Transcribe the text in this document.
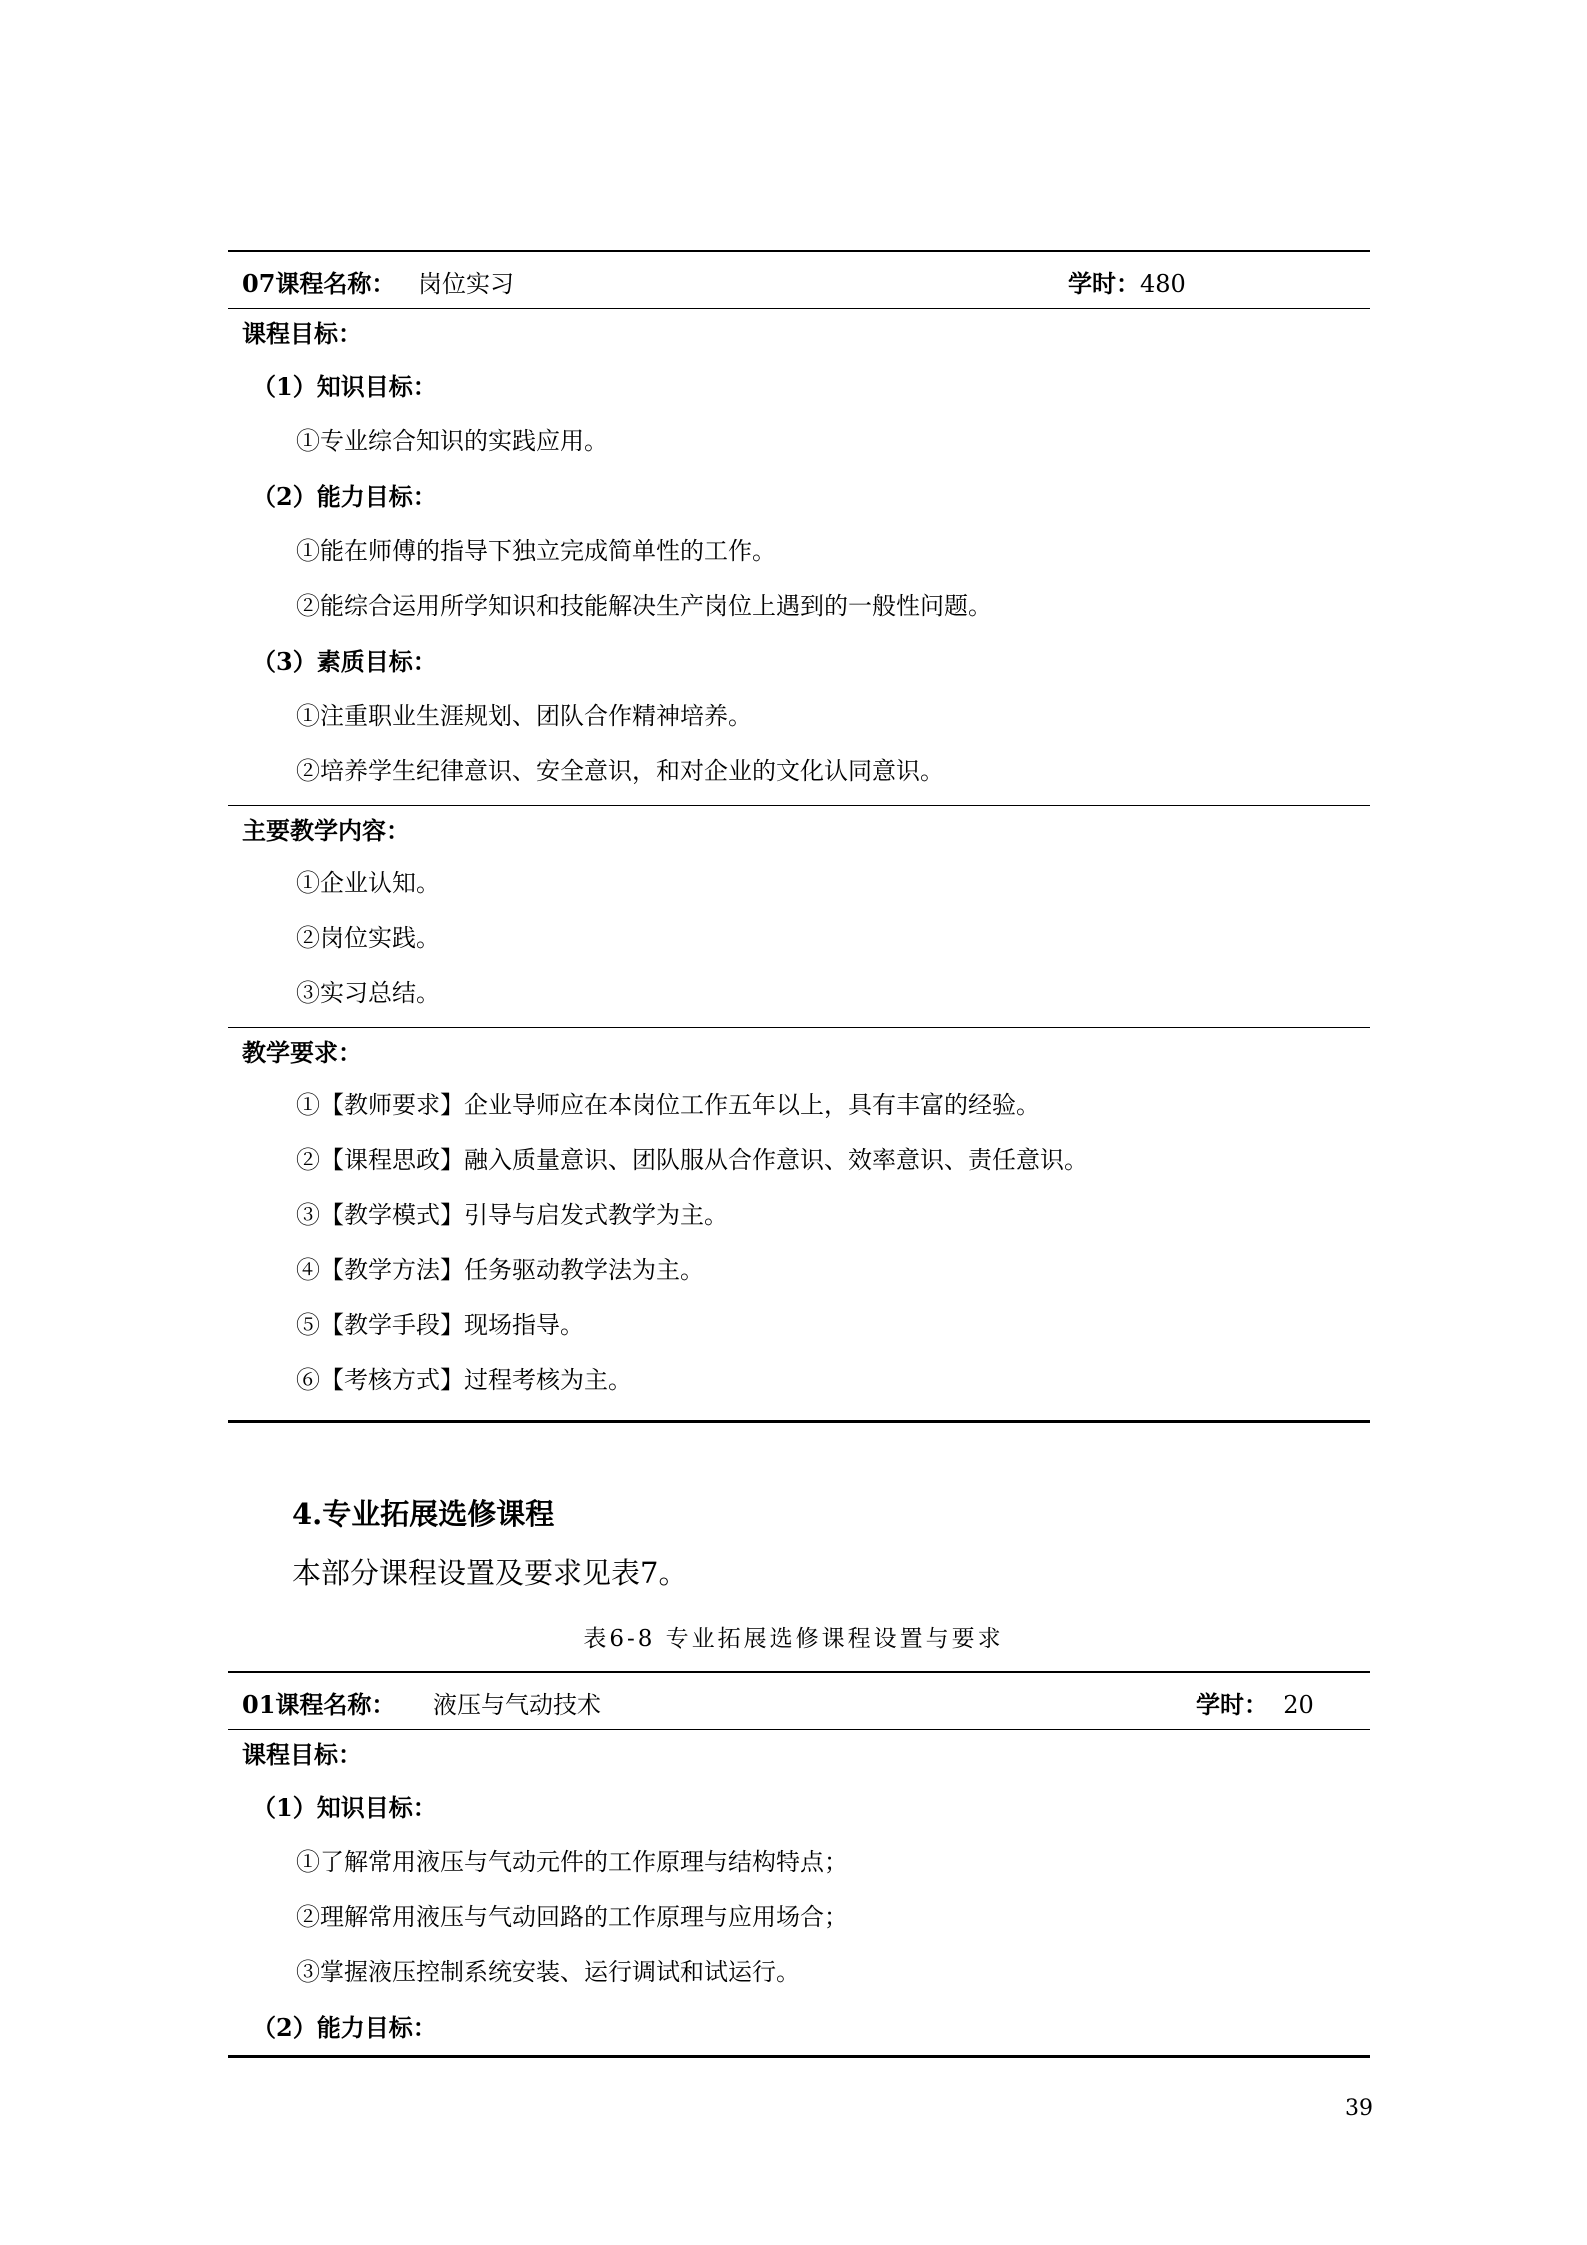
07课程名称： 岗位实习	学时：480
课程目标：
（1）知识目标：
①专业综合知识的实践应用。
（2）能力目标：
①能在师傅的指导下独立完成简单性的工作。
②能综合运用所学知识和技能解决生产岗位上遇到的一般性问题。
（3）素质目标：
①注重职业生涯规划、团队合作精神培养。
②培养学生纪律意识、安全意识，和对企业的文化认同意识。
主要教学内容：
①企业认知。
②岗位实践。
③实习总结。
教学要求：
①【教师要求】企业导师应在本岗位工作五年以上，具有丰富的经验。
②【课程思政】融入质量意识、团队服从合作意识、效率意识、责任意识。
③【教学模式】引导与启发式教学为主。
④【教学方法】任务驱动教学法为主。
⑤【教学手段】现场指导。
⑥【考核方式】过程考核为主。
4.专业拓展选修课程
本部分课程设置及要求见表7。
表6-8 专业拓展选修课程设置与要求
01课程名称： 液压与气动技术	学时： 20
课程目标：
（1）知识目标：
①了解常用液压与气动元件的工作原理与结构特点；
②理解常用液压与气动回路的工作原理与应用场合；
③掌握液压控制系统安装、运行调试和试运行。
（2）能力目标：
39
